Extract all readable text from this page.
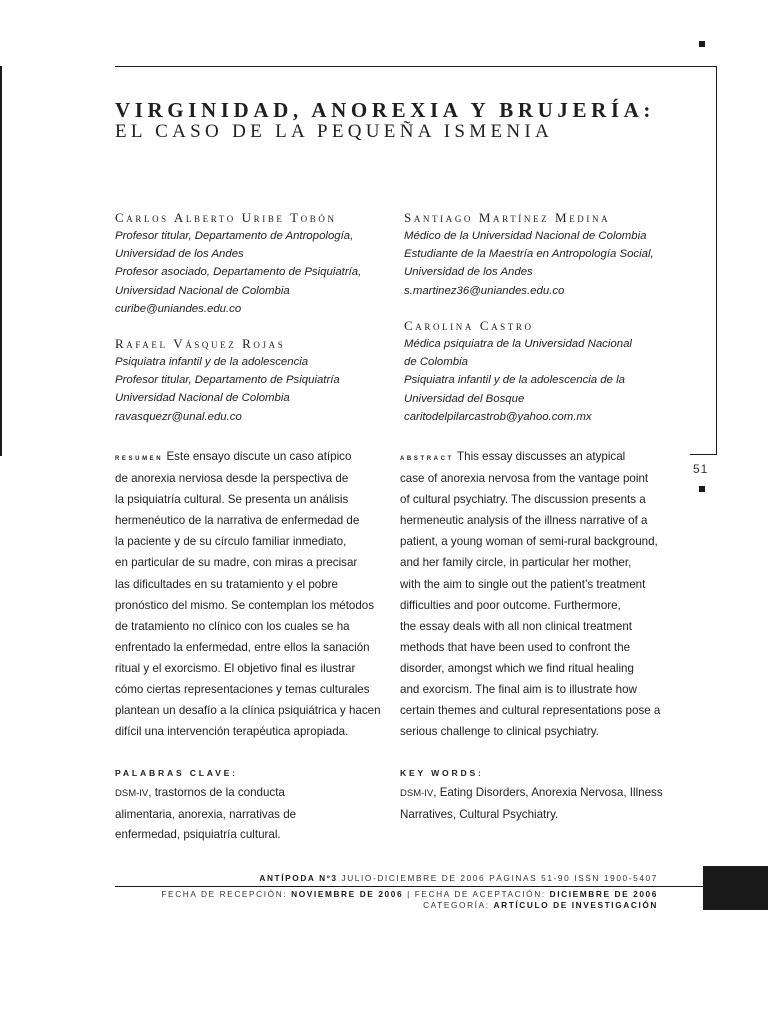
51
VIRGINIDAD, ANOREXIA Y BRUJERÍA:
EL CASO DE LA PEQUEÑA ISMENIA
Carlos Alberto Uribe Tobón

Profesor titular, Departamento de Antropología,

Universidad de los Andes

Profesor asociado, Departamento de Psiquiatría,

Universidad Nacional de Colombia

curibe@uniandes.edu.co

Rafael Vásquez Rojas

Psiquiatra infantil y de la adolescencia

Profesor titular, Departamento de Psiquiatría

Universidad Nacional de Colombia

ravasquezr@unal.edu.co

Santiago Martínez Medina

Médico de la Universidad Nacional de Colombia

Estudiante de la Maestría en Antropología Social,

Universidad de los Andes

s.martinez36@uniandes.edu.co

Carolina Castro

Médica psiquiatra de la Universidad Nacional

de Colombia

Psiquiatra infantil y de la adolescencia de la

Universidad del Bosque

caritodelpilarcastrob@yahoo.com.mx

resumen Este ensayo discute un caso atípico

de anorexia nerviosa desde la perspectiva de

la psiquiatría cultural. Se presenta un análisis

hermenéutico de la narrativa de enfermedad de

la paciente y de su círculo familiar inmediato,

en particular de su madre, con miras a precisar

las dificultades en su tratamiento y el pobre

pronóstico del mismo. Se contemplan los métodos

de tratamiento no clínico con los cuales se ha

enfrentado la enfermedad, entre ellos la sanación

ritual y el exorcismo. El objetivo final es ilustrar

cómo ciertas representaciones y temas culturales

plantean un desafío a la clínica psiquiátrica y hacen

difícil una intervención terapéutica apropiada.

abstract This essay discusses an atypical

case of anorexia nervosa from the vantage point

of cultural psychiatry. The discussion presents a

hermeneutic analysis of the illness narrative of a

patient, a young woman of semi-rural background,

and her family circle, in particular her mother,

with the aim to single out the patient’s treatment

difficulties and poor outcome. Furthermore,

the essay deals with all non clinical treatment

methods that have been used to confront the

disorder, amongst which we find ritual healing

and exorcism. The final aim is to illustrate how

certain themes and cultural representations pose a

serious challenge to clinical psychiatry.

PALABRAS CLAVE:

DSM-IV, trastornos de la conducta

alimentaria, anorexia, narrativas de

enfermedad, psiquiatría cultural.

KEY WORDS:

DSM-IV, Eating Disorders, Anorexia Nervosa, Illness

Narratives, Cultural Psychiatry.

ANTÍPODA Nº3 JULIO-DICIEMBRE DE 2006 PÁGINAS 51-90 ISSN 1900-5407
FECHA DE RECEPCIÓN: NOVIEMBRE DE 2006 | FECHA DE ACEPTACIÓN: DICIEMBRE DE 2006
CATEGORÍA: ARTÍCULO DE INVESTIGACIÓN
